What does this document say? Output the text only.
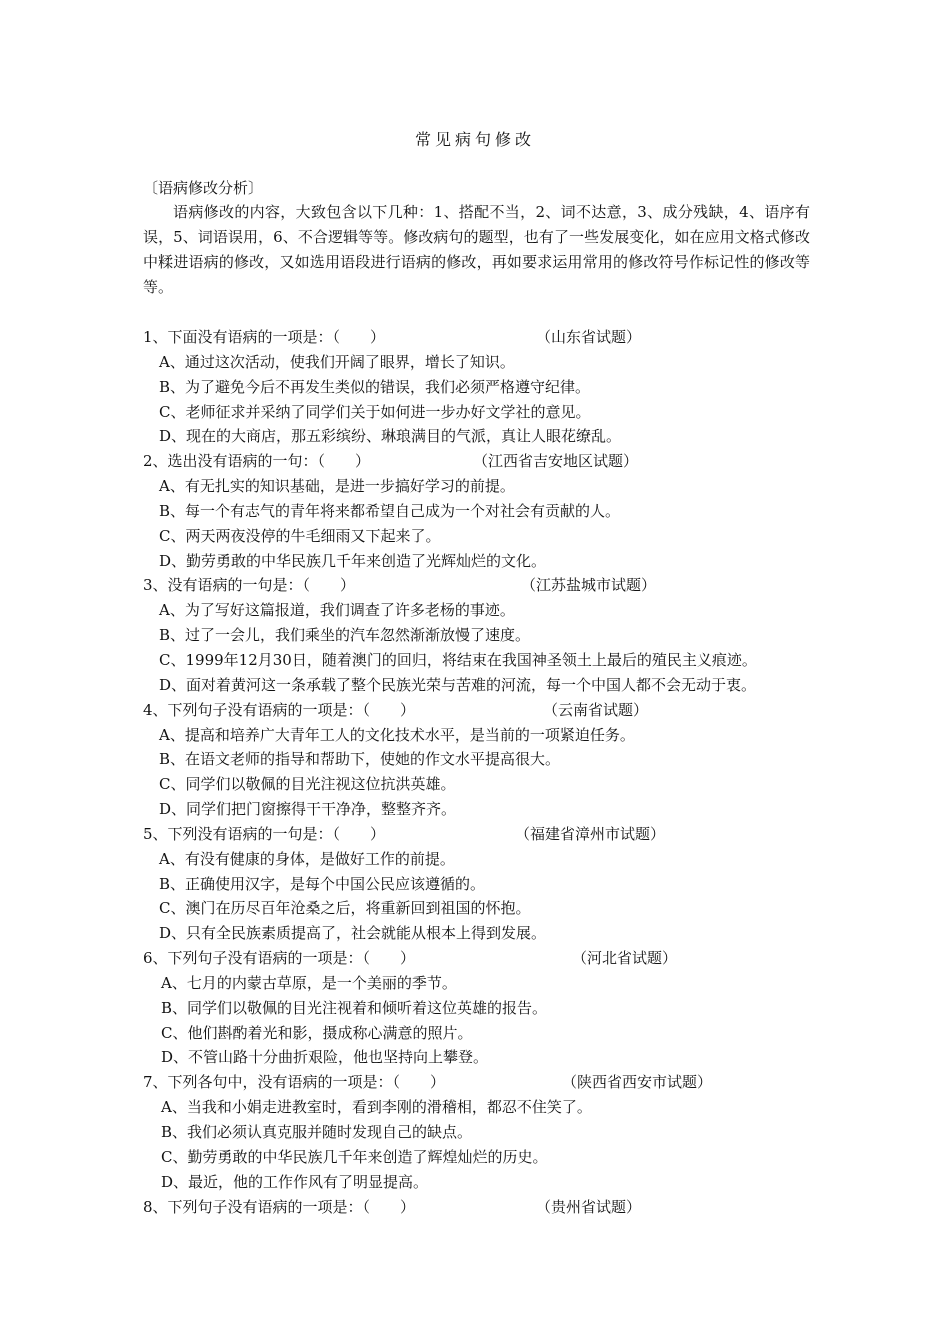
常见病句修改
〔语病修改分析〕
语病修改的内容，大致包含以下几种：1、搭配不当，2、词不达意，3、成分残缺，4、语序有误，5、词语误用，6、不合逻辑等等。修改病句的题型，也有了一些发展变化，如在应用文格式修改中糅进语病的修改，又如选用语段进行语病的修改，再如要求运用常用的修改符号作标记性的修改等等。
1、下面没有语病的一项是：（　　）	（山东省试题）
A、通过这次活动，使我们开阔了眼界，增长了知识。
B、为了避免今后不再发生类似的错误，我们必须严格遵守纪律。
C、老师征求并采纳了同学们关于如何进一步办好文学社的意见。
D、现在的大商店，那五彩缤纷、琳琅满目的气派，真让人眼花缭乱。
2、选出没有语病的一句：（　　）	（江西省吉安地区试题）
A、有无扎实的知识基础，是进一步搞好学习的前提。
B、每一个有志气的青年将来都希望自己成为一个对社会有贡献的人。
C、两天两夜没停的牛毛细雨又下起来了。
D、勤劳勇敢的中华民族几千年来创造了光辉灿烂的文化。
3、没有语病的一句是：（　　）	（江苏盐城市试题）
A、为了写好这篇报道，我们调查了许多老杨的事迹。
B、过了一会儿，我们乘坐的汽车忽然渐渐放慢了速度。
C、1999年12月30日，随着澳门的回归，将结束在我国神圣领土上最后的殖民主义痕迹。
D、面对着黄河这一条承载了整个民族光荣与苦难的河流，每一个中国人都不会无动于衷。
4、下列句子没有语病的一项是：（　　）	（云南省试题）
A、提高和培养广大青年工人的文化技术水平，是当前的一项紧迫任务。
B、在语文老师的指导和帮助下，使她的作文水平提高很大。
C、同学们以敬佩的目光注视这位抗洪英雄。
D、同学们把门窗擦得干干净净，整整齐齐。
5、下列没有语病的一句是：（　　）	（福建省漳州市试题）
A、有没有健康的身体，是做好工作的前提。
B、正确使用汉字，是每个中国公民应该遵循的。
C、澳门在历尽百年沧桑之后，将重新回到祖国的怀抱。
D、只有全民族素质提高了，社会就能从根本上得到发展。
6、下列句子没有语病的一项是：（　　）	（河北省试题）
A、七月的内蒙古草原，是一个美丽的季节。
B、同学们以敬佩的目光注视着和倾听着这位英雄的报告。
C、他们斟酌着光和影，摄成称心满意的照片。
D、不管山路十分曲折艰险，他也坚持向上攀登。
7、下列各句中，没有语病的一项是：（　　）	（陕西省西安市试题）
A、当我和小娟走进教室时，看到李刚的滑稽相，都忍不住笑了。
B、我们必须认真克服并随时发现自己的缺点。
C、勤劳勇敢的中华民族几千年来创造了辉煌灿烂的历史。
D、最近，他的工作作风有了明显提高。
8、下列句子没有语病的一项是：（　　）	（贵州省试题）
